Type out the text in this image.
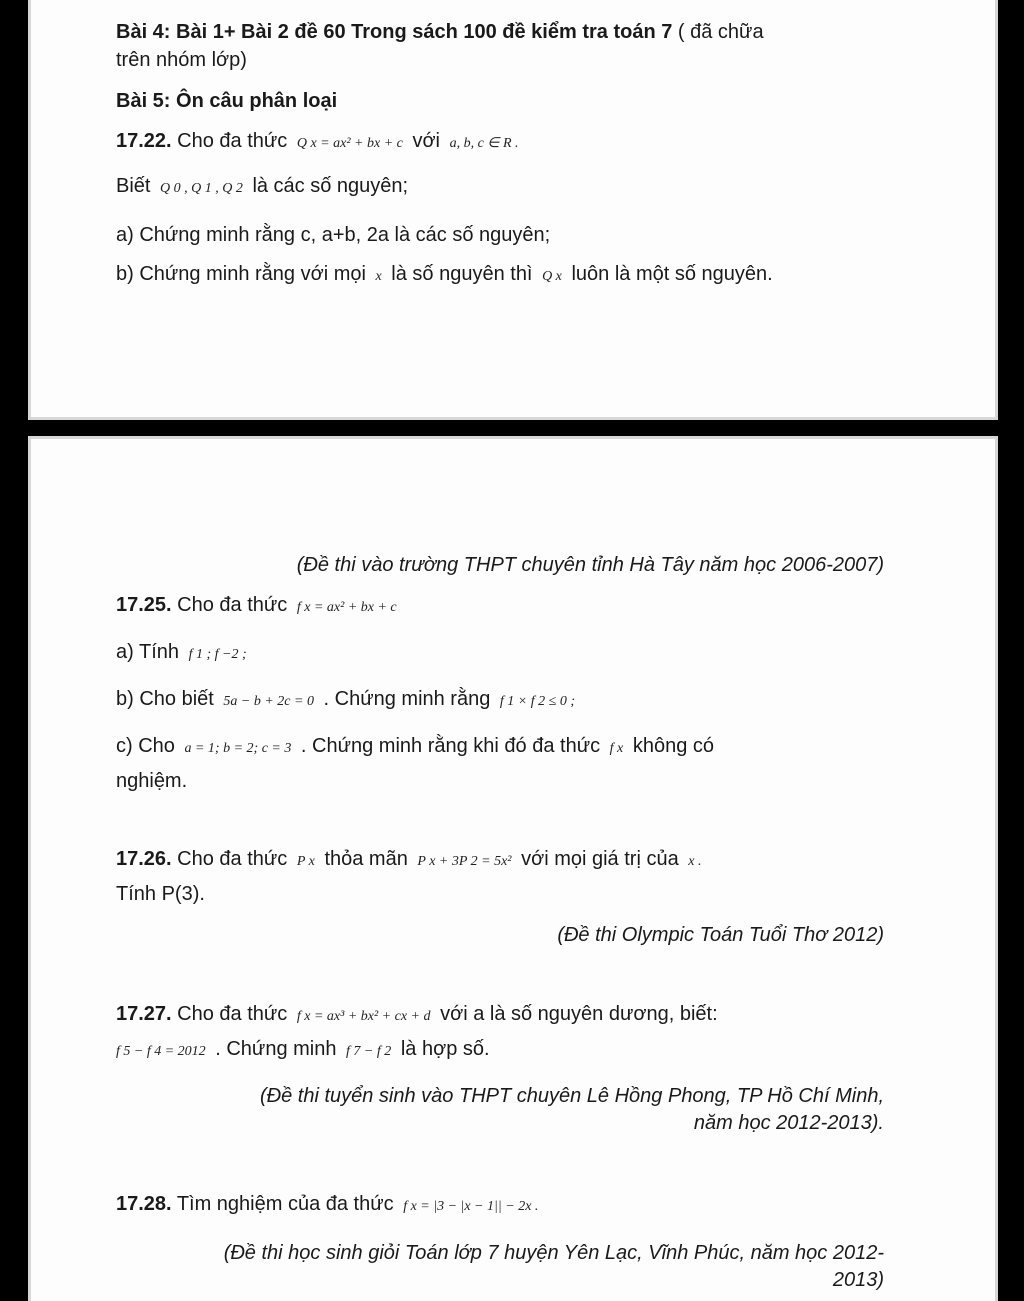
Bài 4: Bài 1+ Bài 2 đề 60 Trong sách 100 đề kiểm tra toán 7 ( đã chữa
trên nhóm lớp)
Bài 5: Ôn câu phân loại
17.22. Cho đa thức Q x = ax² + bx + c với a, b, c ∈ R .
Biết Q 0 , Q 1 , Q 2 là các số nguyên;
a) Chứng minh rằng c, a+b, 2a là các số nguyên;
b) Chứng minh rằng với mọi x là số nguyên thì Q x luôn là một số nguyên.
(Đề thi vào trường THPT chuyên tỉnh Hà Tây năm học 2006-2007)
17.25. Cho đa thức f x = ax² + bx + c
a) Tính f 1 ; f −2 ;
b) Cho biết 5a − b + 2c = 0 . Chứng minh rằng f 1 × f 2 ≤ 0 ;
c) Cho a = 1; b = 2; c = 3 . Chứng minh rằng khi đó đa thức f x không có
nghiệm.
17.26. Cho đa thức P x thỏa mãn P x + 3P 2 = 5x² với mọi giá trị của x .
Tính P(3).
(Đề thi Olympic Toán Tuổi Thơ 2012)
17.27. Cho đa thức f x = ax³ + bx² + cx + d với a là số nguyên dương, biết:
f 5 − f 4 = 2012 . Chứng minh f 7 − f 2 là hợp số.
(Đề thi tuyển sinh vào THPT chuyên Lê Hồng Phong, TP Hồ Chí Minh,
năm học 2012-2013).
17.28. Tìm nghiệm của đa thức f x = |3 − |x − 1|| − 2x .
(Đề thi học sinh giỏi Toán lớp 7 huyện Yên Lạc, Vĩnh Phúc, năm học 2012-
2013)
